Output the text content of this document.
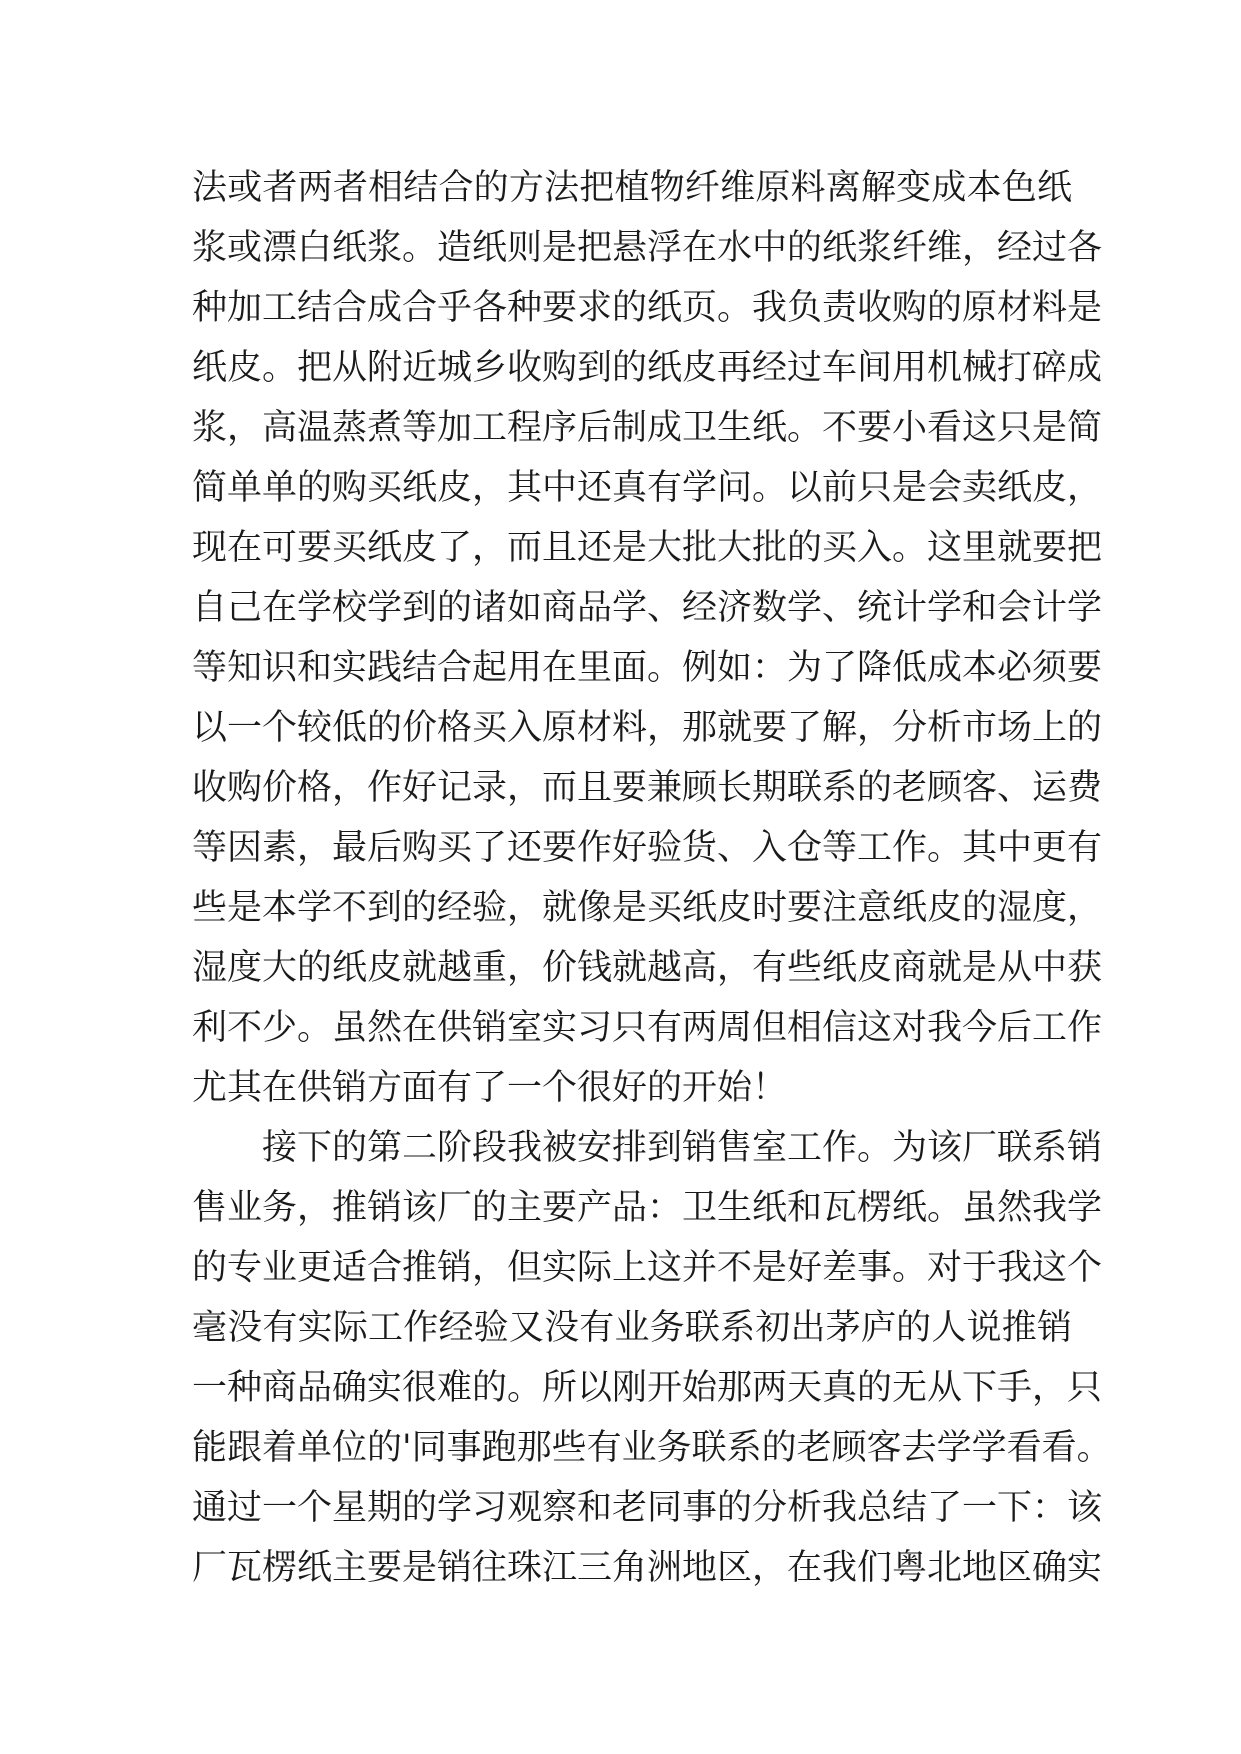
法或者两者相结合的方法把植物纤维原料离解变成本色纸
浆或漂白纸浆。造纸则是把悬浮在水中的纸浆纤维，经过各
种加工结合成合乎各种要求的纸页。我负责收购的原材料是
纸皮。把从附近城乡收购到的纸皮再经过车间用机械打碎成
浆，高温蒸煮等加工程序后制成卫生纸。不要小看这只是简
简单单的购买纸皮，其中还真有学问。以前只是会卖纸皮，
现在可要买纸皮了，而且还是大批大批的买入。这里就要把
自己在学校学到的诸如商品学、经济数学、统计学和会计学
等知识和实践结合起用在里面。例如：为了降低成本必须要
以一个较低的价格买入原材料，那就要了解，分析市场上的
收购价格，作好记录，而且要兼顾长期联系的老顾客、运费
等因素，最后购买了还要作好验货、入仓等工作。其中更有
些是本学不到的经验，就像是买纸皮时要注意纸皮的湿度，
湿度大的纸皮就越重，价钱就越高，有些纸皮商就是从中获
利不少。虽然在供销室实习只有两周但相信这对我今后工作
尤其在供销方面有了一个很好的开始！
接下的第二阶段我被安排到销售室工作。为该厂联系销
售业务，推销该厂的主要产品：卫生纸和瓦楞纸。虽然我学
的专业更适合推销，但实际上这并不是好差事。对于我这个
毫没有实际工作经验又没有业务联系初出茅庐的人说推销
一种商品确实很难的。所以刚开始那两天真的无从下手，只
能跟着单位的'同事跑那些有业务联系的老顾客去学学看看。
通过一个星期的学习观察和老同事的分析我总结了一下：该
厂瓦楞纸主要是销往珠江三角洲地区，在我们粤北地区确实
